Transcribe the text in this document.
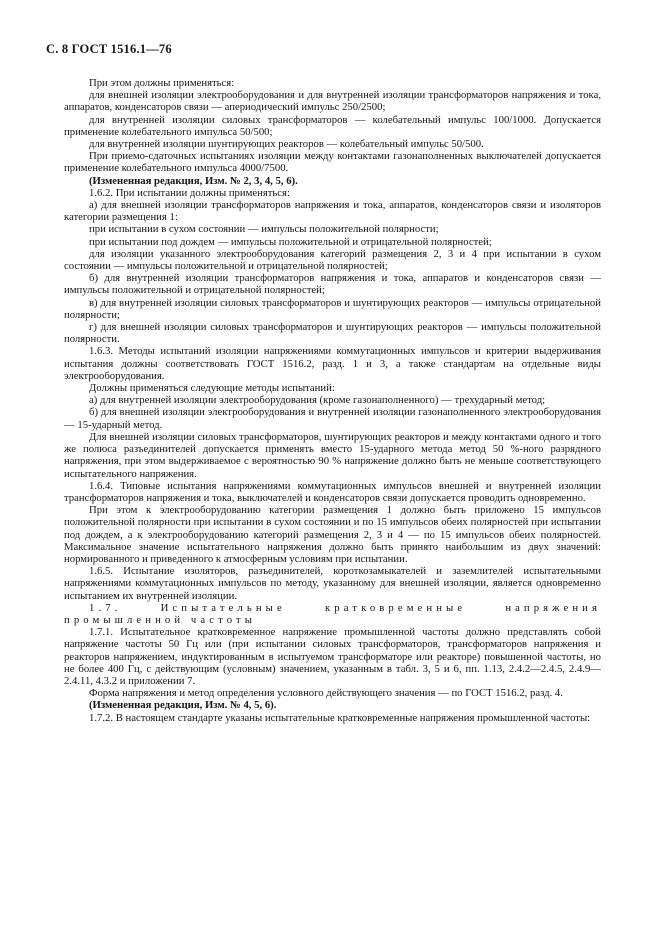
С. 8 ГОСТ 1516.1—76

При этом должны применяться:

для внешней изоляции электрооборудования и для внутренней изоляции трансформаторов напряжения и тока, аппаратов, конденсаторов связи — апериодический импульс 250/2500;

для внутренней изоляции силовых трансформаторов — колебательный импульс 100/1000. Допускается применение колебательного импульса 50/500;

для внутренней изоляции шунтирующих реакторов — колебательный импульс 50/500.

При приемо-сдаточных испытаниях изоляции между контактами газонаполненных выключателей допускается применение колебательного импульса 4000/7500.

(Измененная редакция, Изм. № 2, 3, 4, 5, 6).

1.6.2. При испытании должны применяться:

а) для внешней изоляции трансформаторов напряжения и тока, аппаратов, конденсаторов связи и изоляторов категории размещения 1:

при испытании в сухом состоянии — импульсы положительной полярности;

при испытании под дождем — импульсы положительной и отрицательной полярностей;

для изоляции указанного электрооборудования категорий размещения 2, 3 и 4 при испытании в сухом состоянии — импульсы положительной и отрицательной полярностей;

б) для внутренней изоляции трансформаторов напряжения и тока, аппаратов и конденсаторов связи — импульсы положительной и отрицательной полярностей;

в) для внутренней изоляции силовых трансформаторов и шунтирующих реакторов — импульсы отрицательной полярности;

г) для внешней изоляции силовых трансформаторов и шунтирующих реакторов — импульсы положительной полярности.

1.6.3. Методы испытаний изоляции напряжениями коммутационных импульсов и критерии выдерживания испытания должны соответствовать ГОСТ 1516.2, разд. 1 и 3, а также стандартам на отдельные виды электрооборудования.

Должны применяться следующие методы испытаний:

а) для внутренней изоляции электрооборудования (кроме газонаполненного) — трехударный метод;

б) для внешней изоляции электрооборудования и внутренней изоляции газонаполненного электрооборудования — 15-ударный метод.

Для внешней изоляции силовых трансформаторов, шунтирующих реакторов и между контактами одного и того же полюса разъединителей допускается применять вместо 15-ударного метода метод 50 %-ного разрядного напряжения, при этом выдерживаемое с вероятностью 90 % напряжение должно быть не меньше соответствующего испытательного напряжения.

1.6.4. Типовые испытания напряжениями коммутационных импульсов внешней и внутренней изоляции трансформаторов напряжения и тока, выключателей и конденсаторов связи допускается проводить одновременно.

При этом к электрооборудованию категории размещения 1 должно быть приложено 15 импульсов положительной полярности при испытании в сухом состоянии и по 15 импульсов обеих полярностей при испытании под дождем, а к электрооборудованию категорий размещения 2, 3 и 4 — по 15 импульсов обеих полярностей. Максимальное значение испытательного напряжения должно быть принято наибольшим из двух значений: нормированного и приведенного к атмосферным условиям при испытании.

1.6.5. Испытание изоляторов, разъединителей, короткозамыкателей и заземлителей испытательными напряжениями коммутационных импульсов по методу, указанному для внешней изоляции, является одновременно испытанием их внутренней изоляции.

1.7. Испытательные кратковременные напряжения промышленной частоты

1.7.1. Испытательное кратковременное напряжение промышленной частоты должно представлять собой напряжение частоты 50 Гц или (при испытании силовых трансформаторов, трансформаторов напряжения и реакторов напряжением, индуктированным в испытуемом трансформаторе или реакторе) повышенной частоты, но не более 400 Гц, с действующим (условным) значением, указанным в табл. 3, 5 и 6, пп. 1.13, 2.4.2—2.4.5, 2.4.9—2.4.11, 4.3.2 и приложении 7.

Форма напряжения и метод определения условного действующего значения — по ГОСТ 1516.2, разд. 4.

(Измененная редакция, Изм. № 4, 5, 6).

1.7.2. В настоящем стандарте указаны испытательные кратковременные напряжения промышленной частоты:
